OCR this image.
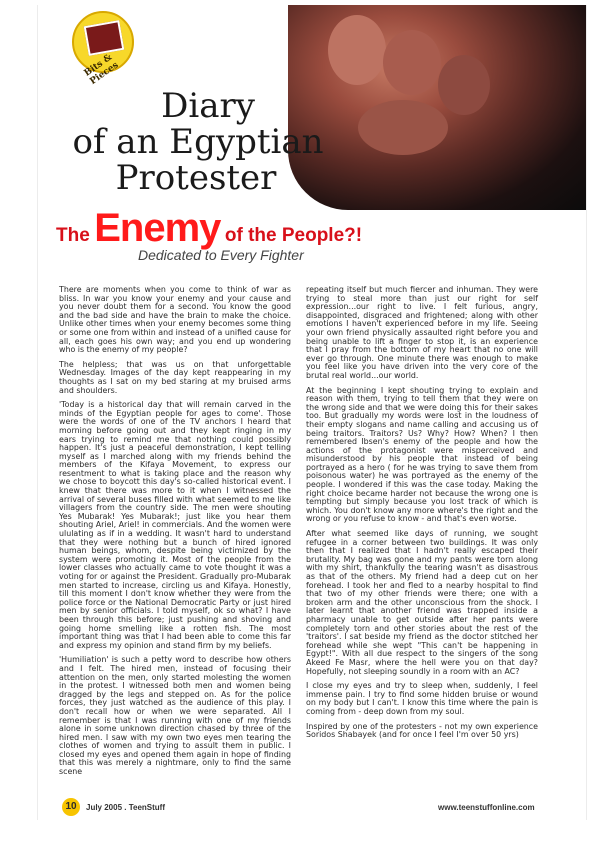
Bits & Pieces
Diary
of an Egyptian
Protester
The Enemy of the People?!
Dedicated to Every Fighter

There are moments when you come to think of war as bliss. In war you know your enemy and your cause and you never doubt them for a second. You know the good and the bad side and have the brain to make the choice. Unlike other times when your enemy becomes some thing or some one from within and instead of a unified cause for all, each goes his own way; and you end up wondering who is the enemy of my people?

The helpless; that was us on that unforgettable Wednesday. Images of the day kept reappearing in my thoughts as I sat on my bed staring at my bruised arms and shoulders.

'Today is a historical day that will remain carved in the minds of the Egyptian people for ages to come'. Those were the words of one of the TV anchors I heard that morning before going out and they kept ringing in my ears trying to remind me that nothing could possibly happen. It's just a peaceful demonstration, I kept telling myself as I marched along with my friends behind the members of the Kifaya Movement, to express our resentment to what is taking place and the reason why we chose to boycott this day's so-called historical event. I knew that there was more to it when I witnessed the arrival of several buses filled with what seemed to me like villagers from the country side. The men were shouting Yes Mubarak! Yes Mubarak!; just like you hear them shouting Ariel, Ariel! in commercials. And the women were ululating as if in a wedding. It wasn't hard to understand that they were nothing but a bunch of hired ignored human beings, whom, despite being victimized by the system were promoting it. Most of the people from the lower classes who actually came to vote thought it was a voting for or against the President. Gradually pro-Mubarak men started to increase, circling us and Kifaya. Honestly, till this moment I don't know whether they were from the police force or the National Democratic Party or just hired men by senior officials. I told myself, ok so what? I have been through this before; just pushing and shoving and going home smelling like a rotten fish. The most important thing was that I had been able to come this far and express my opinion and stand firm by my beliefs.

'Humiliation' is such a petty word to describe how others and I felt. The hired men, instead of focusing their attention on the men, only started molesting the women in the protest. I witnessed both men and women being dragged by the legs and stepped on. As for the police forces, they just watched as the audience of this play. I don't recall how or when we were separated. All I remember is that I was running with one of my friends alone in some unknown direction chased by three of the hired men. I saw with my own two eyes men tearing the clothes of women and trying to assult them in public. I closed my eyes and opened them again in hope of finding that this was merely a nightmare, only to find the same scene

repeating itself but much fiercer and inhuman. They were trying to steal more than just our right for self expression...our right to live. I felt furious, angry, disappointed, disgraced and frightened; along with other emotions I haven't experienced before in my life. Seeing your own friend physically assaulted right before you and being unable to lift a finger to stop it, is an experience that I pray from the bottom of my heart that no one will ever go through. One minute there was enough to make you feel like you have driven into the very core of the brutal real world...our world.

At the beginning I kept shouting trying to explain and reason with them, trying to tell them that they were on the wrong side and that we were doing this for their sakes too. But gradually my words were lost in the loudness of their empty slogans and name calling and accusing us of being traitors. Traitors? Us? Why? How? When? I then remembered Ibsen's enemy of the people and how the actions of the protagonist were misperceived and misunderstood by his people that instead of being portrayed as a hero ( for he was trying to save them from poisonous water) he was portrayed as the enemy of the people. I wondered if this was the case today. Making the right choice became harder not because the wrong one is tempting but simply because you lost track of which is which. You don't know any more where's the right and the wrong or you refuse to know - and that's even worse.

After what seemed like days of running, we sought refugee in a corner between two buildings. It was only then that I realized that I hadn't really escaped their brutality. My bag was gone and my pants were torn along with my shirt, thankfully the tearing wasn't as disastrous as that of the others. My friend had a deep cut on her forehead. I took her and fled to a nearby hospital to find that two of my other friends were there; one with a broken arm and the other unconscious from the shock. I later learnt that another friend was trapped inside a pharmacy unable to get outside after her pants were completely torn and other stories about the rest of the 'traitors'. I sat beside my friend as the doctor stitched her forehead while she wept "This can't be happening in Egypt!". With all due respect to the singers of the song Akeed Fe Masr, where the hell were you on that day? Hopefully, not sleeping soundly in a room with an AC?

I close my eyes and try to sleep when, suddenly, I feel immense pain. I try to find some hidden bruise or wound on my body but I can't. I know this time where the pain is coming from - deep down from my soul.

Inspired by one of the protesters - not my own experience Soridos Shabayek (and for once I feel I'm over 50 yrs)

10	July 2005 . TeenStuff	www.teenstuffonline.com
